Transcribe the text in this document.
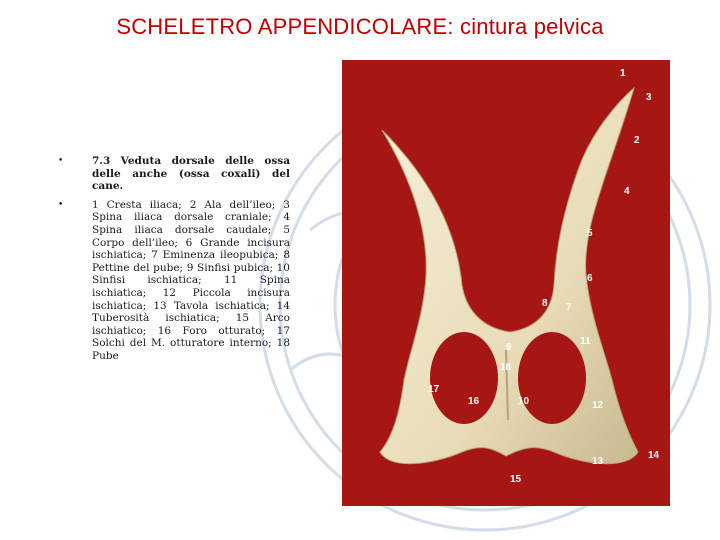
SCHELETRO APPENDICOLARE: cintura pelvica
•	7.3 Veduta dorsale delle ossa delle anche (ossa coxali) del cane.
•	1 Cresta iliaca; 2 Ala dell’ileo; 3 Spina iliaca dorsale craniale; 4 Spina iliaca dorsale caudale; 5 Corpo dell’ileo; 6 Grande incisura ischiatica; 7 Eminenza ileopubica; 8 Pettine del pube; 9 Sinfisi pubica; 10 Sinfisi ischiatica; 11 Spina ischiatica; 12 Piccola incisura ischiatica; 13 Tavola ischiatica; 14 Tuberosità ischiatica; 15 Arco ischiatico; 16 Foro otturato; 17 Solchi del M. otturatore interno; 18 Pube
1
3
2
4
5
6
8 7
11
9
18
17
16	10	12
14
13
15
